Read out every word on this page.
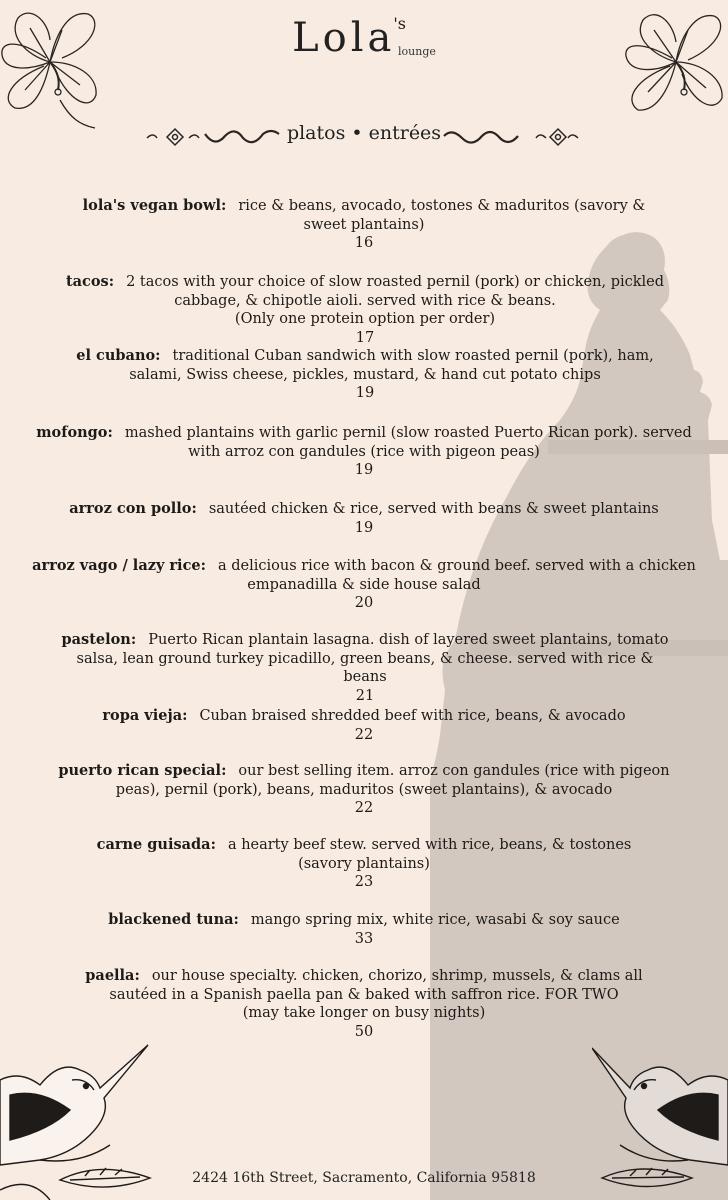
$Lola's_{lounge}$
platos • entrées
lola's vegan bowl: rice & beans, avocado, tostones & maduritos (savory & sweet plantains)
16
tacos: 2 tacos with your choice of slow roasted pernil (pork) or chicken, pickled cabbage, & chipotle aioli. served with rice & beans.
(Only one protein option per order)
17
el cubano: traditional Cuban sandwich with slow roasted pernil (pork), ham, salami, Swiss cheese, pickles, mustard, & hand cut potato chips
19
mofongo: mashed plantains with garlic pernil (slow roasted Puerto Rican pork). served with arroz con gandules (rice with pigeon peas)
19
arroz con pollo: sautéed chicken & rice, served with beans & sweet plantains
19
arroz vago / lazy rice: a delicious rice with bacon & ground beef. served with a chicken empanadilla & side house salad
20
pastelon: Puerto Rican plantain lasagna. dish of layered sweet plantains, tomato salsa, lean ground turkey picadillo, green beans, & cheese. served with rice & beans
21
ropa vieja: Cuban braised shredded beef with rice, beans, & avocado
22
puerto rican special: our best selling item. arroz con gandules (rice with pigeon peas), pernil (pork), beans, maduritos (sweet plantains), & avocado
22
carne guisada: a hearty beef stew. served with rice, beans, & tostones (savory plantains)
23
blackened tuna: mango spring mix, white rice, wasabi & soy sauce
33
paella: our house specialty. chicken, chorizo, shrimp, mussels, & clams all sautéed in a Spanish paella pan & baked with saffron rice. FOR TWO
(may take longer on busy nights)
50
2424 16th Street, Sacramento, California 95818
